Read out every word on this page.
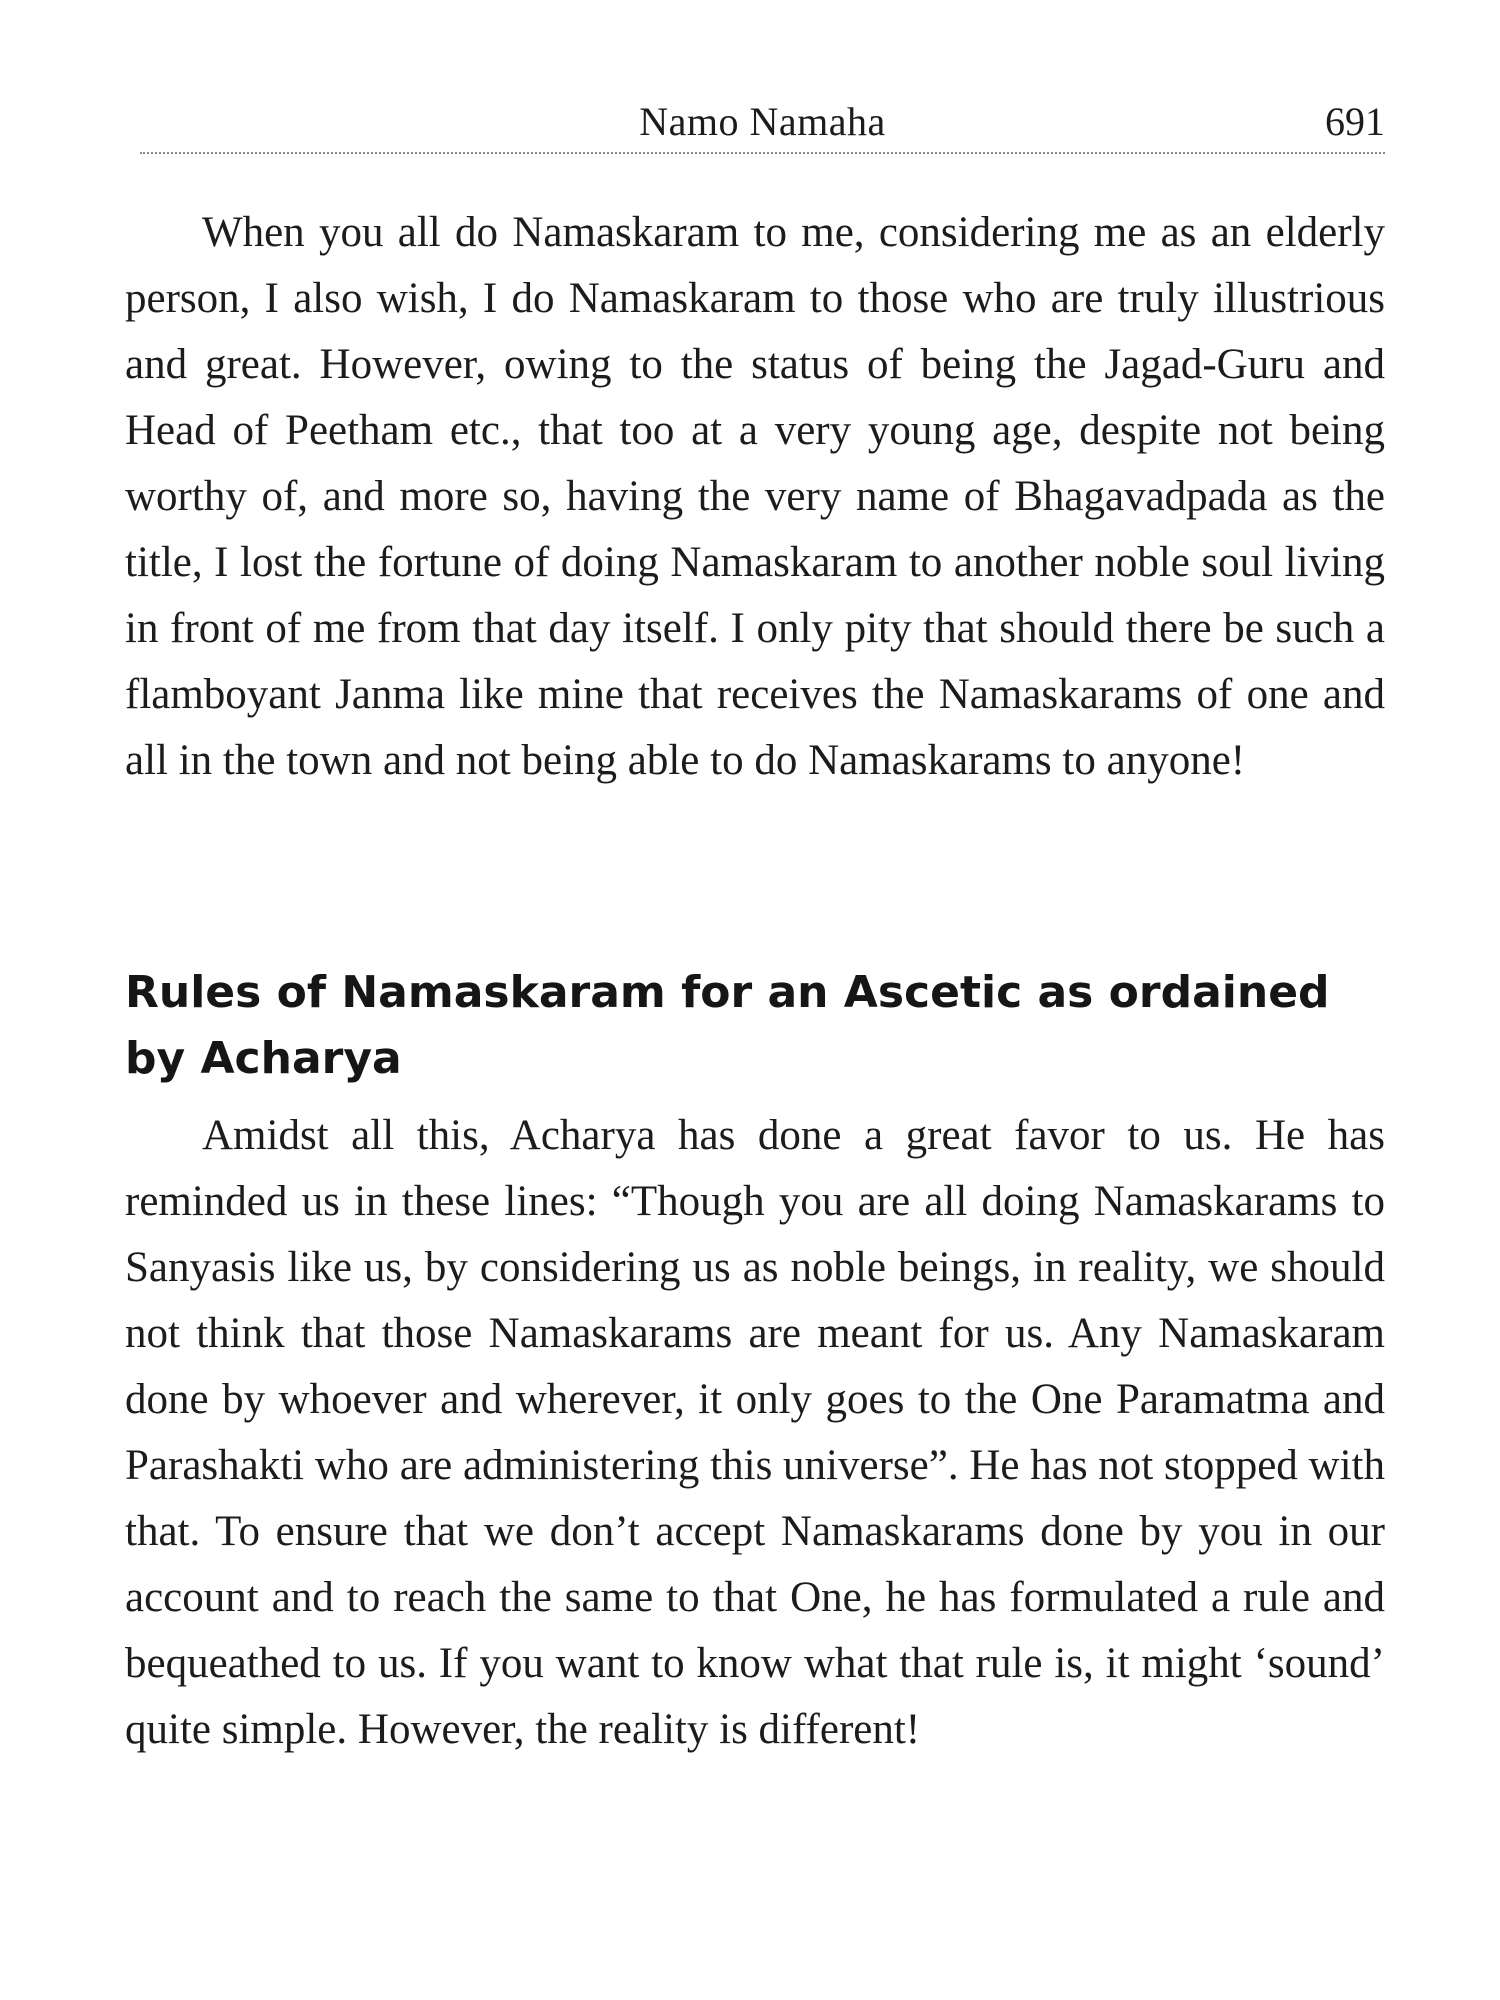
Namo Namaha	691

When you all do Namaskaram to me, considering me as an elderly person, I also wish, I do Namaskaram to those who are truly illustrious and great. However, owing to the status of being the Jagad-Guru and Head of Peetham etc., that too at a very young age, despite not being worthy of, and more so, having the very name of Bhagavadpada as the title, I lost the fortune of doing Namaskaram to another noble soul living in front of me from that day itself. I only pity that should there be such a flamboyant Janma like mine that receives the Namaskarams of one and all in the town and not being able to do Namaskarams to anyone!

Rules of Namaskaram for an Ascetic as ordained by Acharya

Amidst all this, Acharya has done a great favor to us. He has reminded us in these lines: “Though you are all doing Namaskarams to Sanyasis like us, by considering us as noble beings, in reality, we should not think that those Namaskarams are meant for us. Any Namaskaram done by whoever and wherever, it only goes to the One Paramatma and Parashakti who are administering this universe”. He has not stopped with that. To ensure that we don’t accept Namaskarams done by you in our account and to reach the same to that One, he has formulated a rule and bequeathed to us. If you want to know what that rule is, it might ‘sound’ quite simple. However, the reality is different!
